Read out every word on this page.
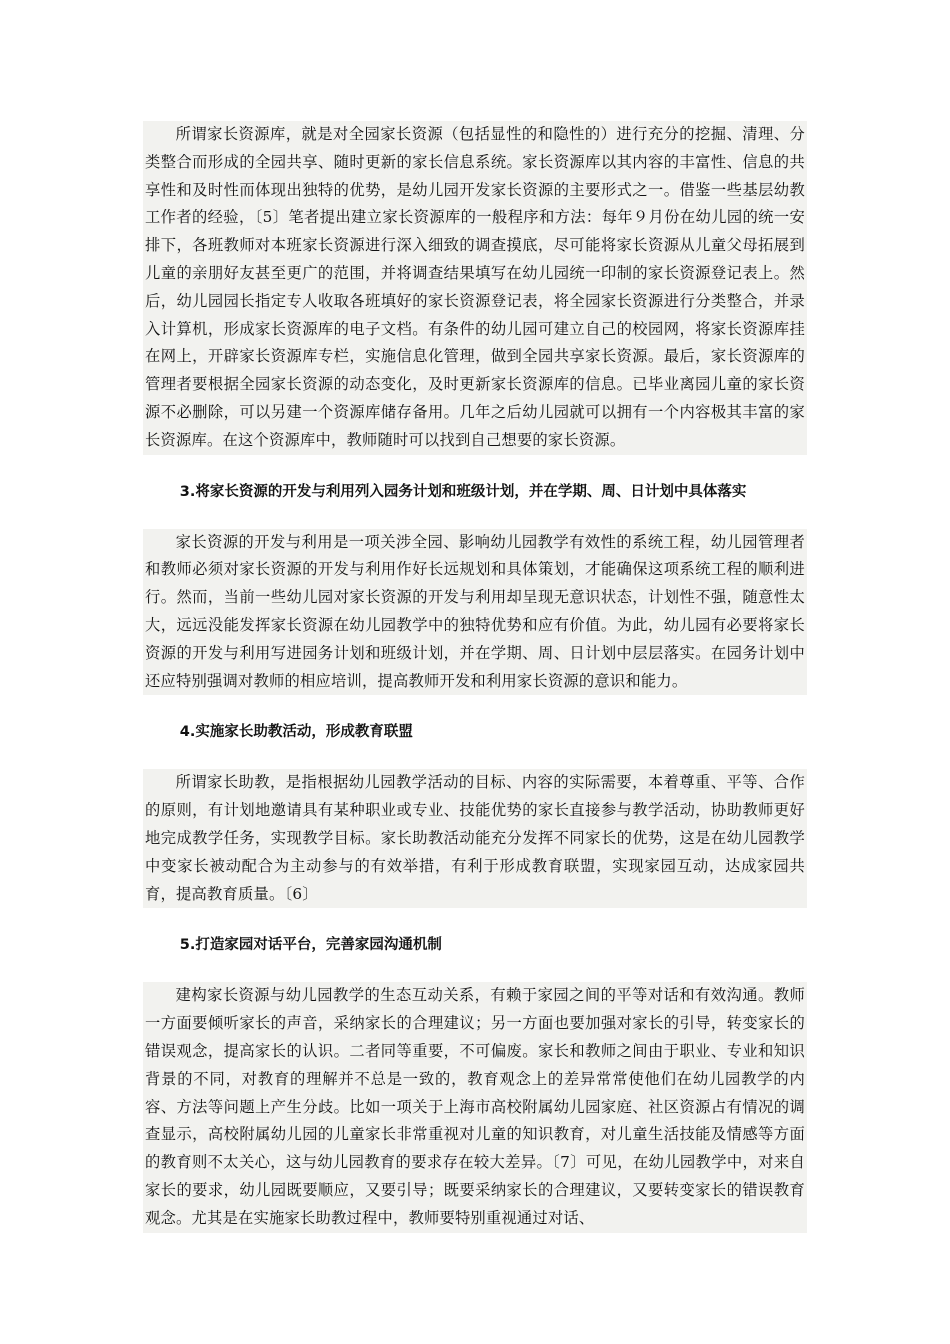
所谓家长资源库，就是对全园家长资源（包括显性的和隐性的）进行充分的挖掘、清理、分类整合而形成的全园共享、随时更新的家长信息系统。家长资源库以其内容的丰富性、信息的共享性和及时性而体现出独特的优势，是幼儿园开发家长资源的主要形式之一。借鉴一些基层幼教工作者的经验，〔5〕笔者提出建立家长资源库的一般程序和方法：每年９月份在幼儿园的统一安排下，各班教师对本班家长资源进行深入细致的调查摸底，尽可能将家长资源从儿童父母拓展到儿童的亲朋好友甚至更广的范围，并将调查结果填写在幼儿园统一印制的家长资源登记表上。然后，幼儿园园长指定专人收取各班填好的家长资源登记表，将全园家长资源进行分类整合，并录入计算机，形成家长资源库的电子文档。有条件的幼儿园可建立自己的校园网，将家长资源库挂在网上，开辟家长资源库专栏，实施信息化管理，做到全园共享家长资源。最后，家长资源库的管理者要根据全园家长资源的动态变化，及时更新家长资源库的信息。已毕业离园儿童的家长资源不必删除，可以另建一个资源库储存备用。几年之后幼儿园就可以拥有一个内容极其丰富的家长资源库。在这个资源库中，教师随时可以找到自己想要的家长资源。

3.将家长资源的开发与利用列入园务计划和班级计划，并在学期、周、日计划中具体落实

家长资源的开发与利用是一项关涉全园、影响幼儿园教学有效性的系统工程，幼儿园管理者和教师必须对家长资源的开发与利用作好长远规划和具体策划，才能确保这项系统工程的顺利进行。然而，当前一些幼儿园对家长资源的开发与利用却呈现无意识状态，计划性不强，随意性太大，远远没能发挥家长资源在幼儿园教学中的独特优势和应有价值。为此，幼儿园有必要将家长资源的开发与利用写进园务计划和班级计划，并在学期、周、日计划中层层落实。在园务计划中还应特别强调对教师的相应培训，提高教师开发和利用家长资源的意识和能力。

4.实施家长助教活动，形成教育联盟

所谓家长助教，是指根据幼儿园教学活动的目标、内容的实际需要，本着尊重、平等、合作的原则，有计划地邀请具有某种职业或专业、技能优势的家长直接参与教学活动，协助教师更好地完成教学任务，实现教学目标。家长助教活动能充分发挥不同家长的优势，这是在幼儿园教学中变家长被动配合为主动参与的有效举措，有利于形成教育联盟，实现家园互动，达成家园共育，提高教育质量。〔6〕

5.打造家园对话平台，完善家园沟通机制

建构家长资源与幼儿园教学的生态互动关系，有赖于家园之间的平等对话和有效沟通。教师一方面要倾听家长的声音，采纳家长的合理建议；另一方面也要加强对家长的引导，转变家长的错误观念，提高家长的认识。二者同等重要，不可偏废。家长和教师之间由于职业、专业和知识背景的不同，对教育的理解并不总是一致的，教育观念上的差异常常使他们在幼儿园教学的内容、方法等问题上产生分歧。比如一项关于上海市高校附属幼儿园家庭、社区资源占有情况的调查显示，高校附属幼儿园的儿童家长非常重视对儿童的知识教育，对儿童生活技能及情感等方面的教育则不太关心，这与幼儿园教育的要求存在较大差异。〔7〕可见，在幼儿园教学中，对来自家长的要求，幼儿园既要顺应，又要引导；既要采纳家长的合理建议，又要转变家长的错误教育观念。尤其是在实施家长助教过程中，教师要特别重视通过对话、
